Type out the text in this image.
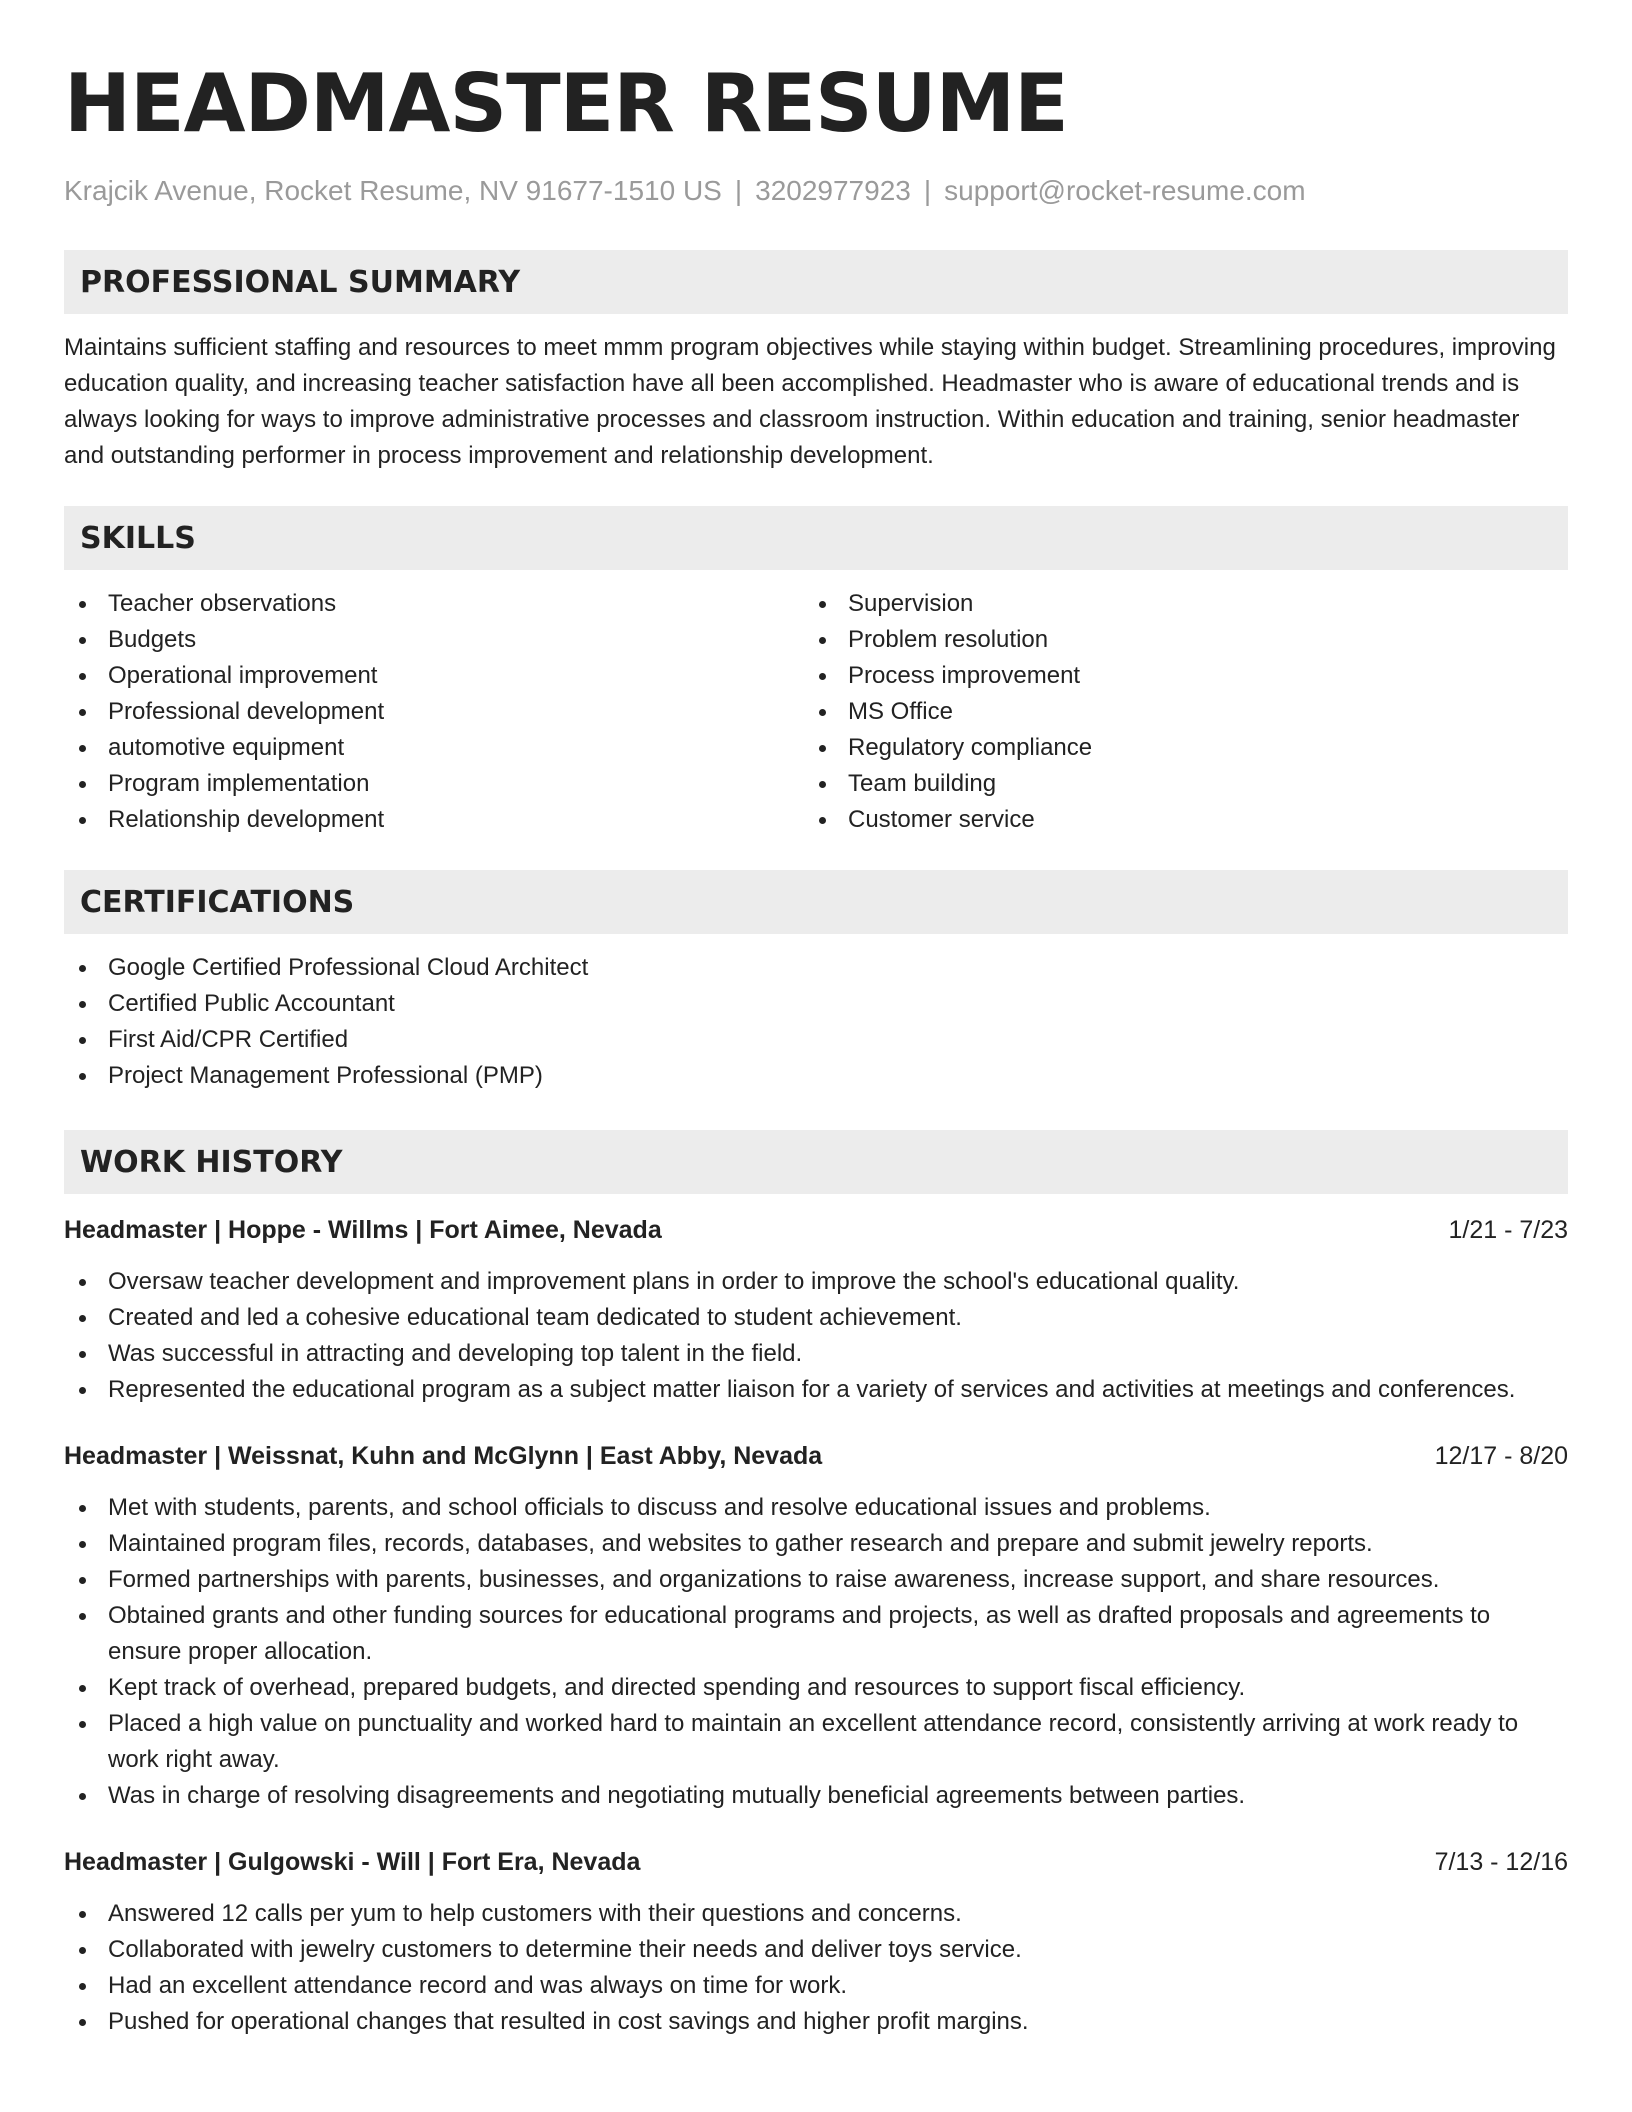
HEADMASTER RESUME
Krajcik Avenue, Rocket Resume, NV 91677-1510 US | 3202977923 | support@rocket-resume.com
PROFESSIONAL SUMMARY

Maintains sufficient staffing and resources to meet mmm program objectives while staying within budget. Streamlining procedures, improving education quality, and increasing teacher satisfaction have all been accomplished. Headmaster who is aware of educational trends and is always looking for ways to improve administrative processes and classroom instruction. Within education and training, senior headmaster and outstanding performer in process improvement and relationship development.

SKILLS
Teacher observations
Budgets
Operational improvement
Professional development
automotive equipment
Program implementation
Relationship development
Supervision
Problem resolution
Process improvement
MS Office
Regulatory compliance
Team building
Customer service
CERTIFICATIONS
Google Certified Professional Cloud Architect
Certified Public Accountant
First Aid/CPR Certified
Project Management Professional (PMP)
WORK HISTORY
Headmaster | Hoppe - Willms | Fort Aimee, Nevada	1/21 - 7/23
Oversaw teacher development and improvement plans in order to improve the school's educational quality.
Created and led a cohesive educational team dedicated to student achievement.
Was successful in attracting and developing top talent in the field.
Represented the educational program as a subject matter liaison for a variety of services and activities at meetings and conferences.
Headmaster | Weissnat, Kuhn and McGlynn | East Abby, Nevada	12/17 - 8/20
Met with students, parents, and school officials to discuss and resolve educational issues and problems.
Maintained program files, records, databases, and websites to gather research and prepare and submit jewelry reports.
Formed partnerships with parents, businesses, and organizations to raise awareness, increase support, and share resources.
Obtained grants and other funding sources for educational programs and projects, as well as drafted proposals and agreements to ensure proper allocation.
Kept track of overhead, prepared budgets, and directed spending and resources to support fiscal efficiency.
Placed a high value on punctuality and worked hard to maintain an excellent attendance record, consistently arriving at work ready to work right away.
Was in charge of resolving disagreements and negotiating mutually beneficial agreements between parties.
Headmaster | Gulgowski - Will | Fort Era, Nevada	7/13 - 12/16
Answered 12 calls per yum to help customers with their questions and concerns.
Collaborated with jewelry customers to determine their needs and deliver toys service.
Had an excellent attendance record and was always on time for work.
Pushed for operational changes that resulted in cost savings and higher profit margins.
